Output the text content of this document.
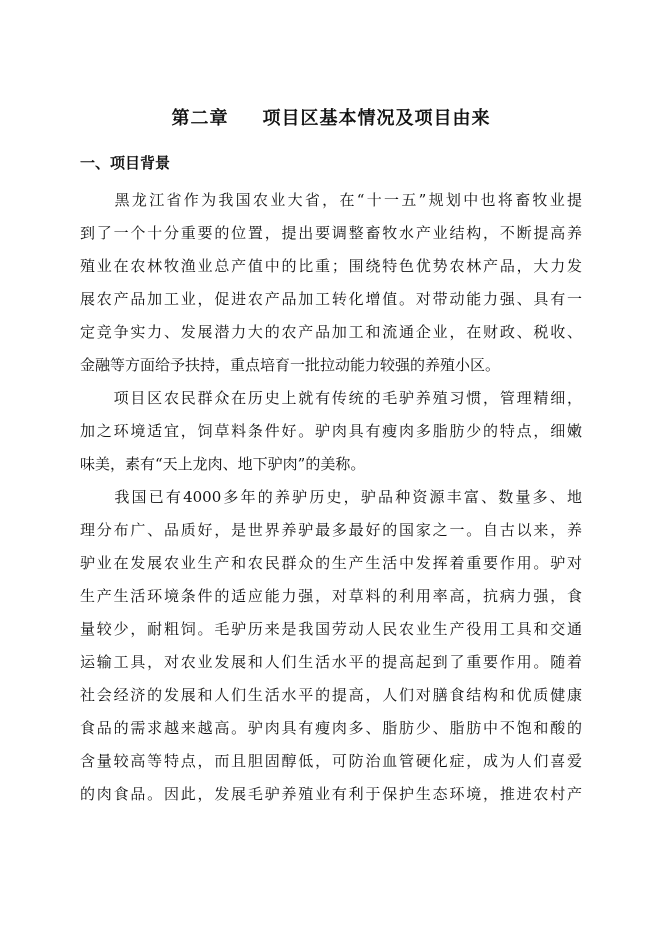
第二章 项目区基本情况及项目由来
一、项目背景
　　黑龙江省作为我国农业大省，在“十一五”规划中也将畜牧业提
到了一个十分重要的位置，提出要调整畜牧水产业结构，不断提高养
殖业在农林牧渔业总产值中的比重；围绕特色优势农林产品，大力发
展农产品加工业，促进农产品加工转化增值。对带动能力强、具有一
定竞争实力、发展潜力大的农产品加工和流通企业，在财政、税收、
金融等方面给予扶持，重点培育一批拉动能力较强的养殖小区。
　　项目区农民群众在历史上就有传统的毛驴养殖习惯，管理精细，
加之环境适宜，饲草料条件好。驴肉具有瘦肉多脂肪少的特点，细嫩
味美，素有“天上龙肉、地下驴肉”的美称。
　　我国已有4000多年的养驴历史，驴品种资源丰富、数量多、地
理分布广、品质好，是世界养驴最多最好的国家之一。自古以来，养
驴业在发展农业生产和农民群众的生产生活中发挥着重要作用。驴对
生产生活环境条件的适应能力强，对草料的利用率高，抗病力强，食
量较少，耐粗饲。毛驴历来是我国劳动人民农业生产役用工具和交通
运输工具，对农业发展和人们生活水平的提高起到了重要作用。随着
社会经济的发展和人们生活水平的提高，人们对膳食结构和优质健康
食品的需求越来越高。驴肉具有瘦肉多、脂肪少、脂肪中不饱和酸的
含量较高等特点，而且胆固醇低，可防治血管硬化症，成为人们喜爱
的肉食品。因此，发展毛驴养殖业有利于保护生态环境，推进农村产
